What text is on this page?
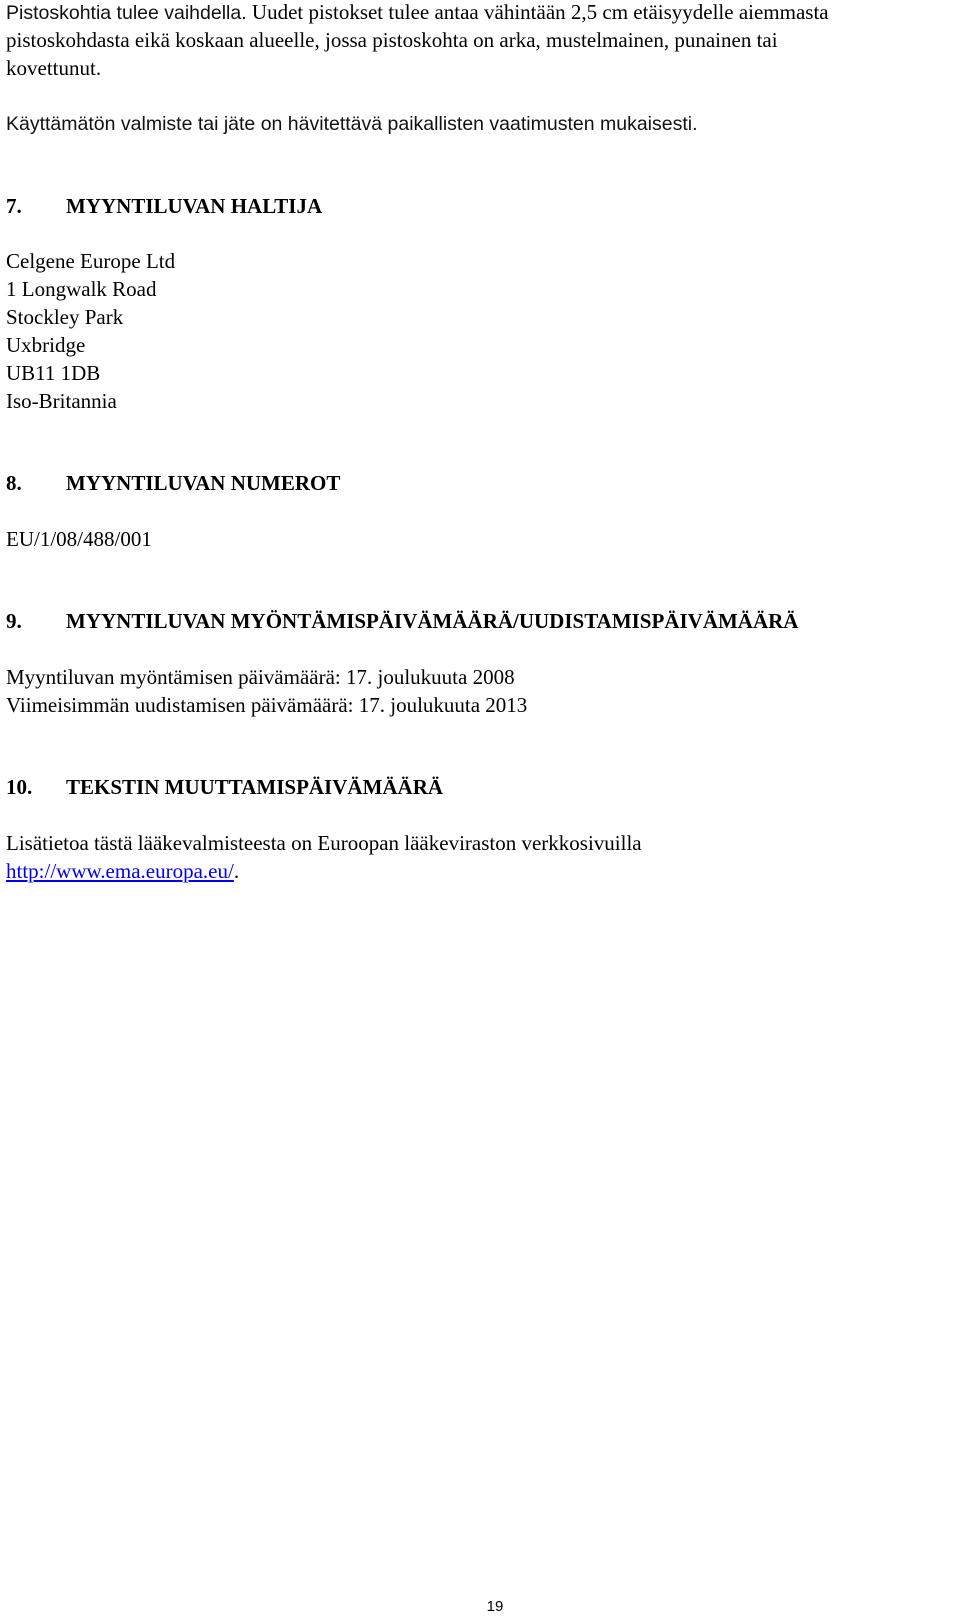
Pistoskohtia tulee vaihdella. Uudet pistokset tulee antaa vähintään 2,5 cm etäisyydelle aiemmasta
pistoskohdasta eikä koskaan alueelle, jossa pistoskohta on arka, mustelmainen, punainen tai
kovettunut.
Käyttämätön valmiste tai jäte on hävitettävä paikallisten vaatimusten mukaisesti.
7. MYYNTILUVAN HALTIJA
Celgene Europe Ltd
1 Longwalk Road
Stockley Park
Uxbridge
UB11 1DB
Iso-Britannia
8. MYYNTILUVAN NUMEROT
EU/1/08/488/001
9. MYYNTILUVAN MYÖNTÄMISPÄIVÄMÄÄRÄ/UUDISTAMISPÄIVÄMÄÄRÄ
Myyntiluvan myöntämisen päivämäärä: 17. joulukuuta 2008
Viimeisimmän uudistamisen päivämäärä: 17. joulukuuta 2013
10. TEKSTIN MUUTTAMISPÄIVÄMÄÄRÄ
Lisätietoa tästä lääkevalmisteesta on Euroopan lääkeviraston verkkosivuilla
http://www.ema.europa.eu/.
19
